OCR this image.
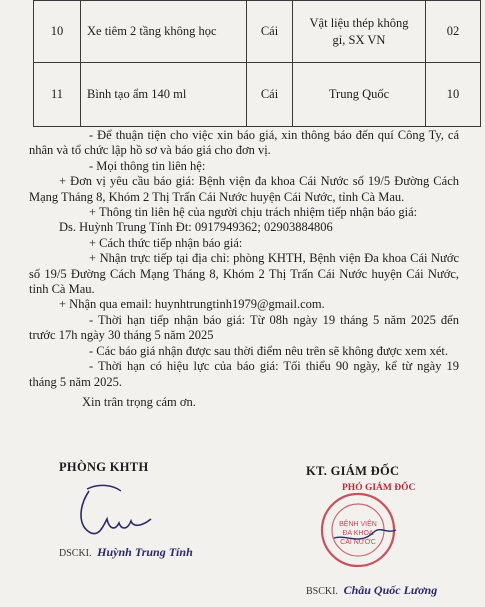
10	Xe tiêm 2 tầng không học	Cái	Vật liệu thép không
gỉ, SX VN	02
11	Bình tạo ẩm 140 ml	Cái	Trung Quốc	10

- Để thuận tiện cho việc xin báo giá, xin thông báo đến quí Công Ty, cá nhân và tổ chức lập hồ sơ và báo giá cho đơn vị.

- Mọi thông tin liên hệ:

+ Đơn vị yêu cầu báo giá: Bệnh viện đa khoa Cái Nước số 19/5 Đường Cách Mạng Tháng 8, Khóm 2 Thị Trấn Cái Nước huyện Cái Nước, tỉnh Cà Mau.

+ Thông tin liên hệ của người chịu trách nhiệm tiếp nhận báo giá:

Ds. Huỳnh Trung Tính Đt: 0917949362; 02903884806

+ Cách thức tiếp nhận báo giá:

+ Nhận trực tiếp tại địa chỉ: phòng KHTH, Bệnh viện Đa khoa Cái Nước số 19/5 Đường Cách Mạng Tháng 8, Khóm 2 Thị Trấn Cái Nước huyện Cái Nước, tỉnh Cà Mau.

+ Nhận qua email: huynhtrungtinh1979@gmail.com.

- Thời hạn tiếp nhận báo giá: Từ 08h ngày 19 tháng 5 năm 2025 đến trước 17h ngày 30 tháng 5 năm 2025

- Các báo giá nhận được sau thời điểm nêu trên sẽ không được xem xét.

- Thời hạn có hiệu lực của báo giá: Tối thiểu 90 ngày, kể từ ngày 19 tháng 5 năm 2025.

Xin trân trọng cám ơn.

PHÒNG KHTH
DSCKI. Huỳnh Trung Tính
BỆNH VIỆN
ĐA KHOA
CÁI NƯỚC
KT. GIÁM ĐỐC
PHÓ GIÁM ĐỐC
BSCKI. Châu Quốc Lương
